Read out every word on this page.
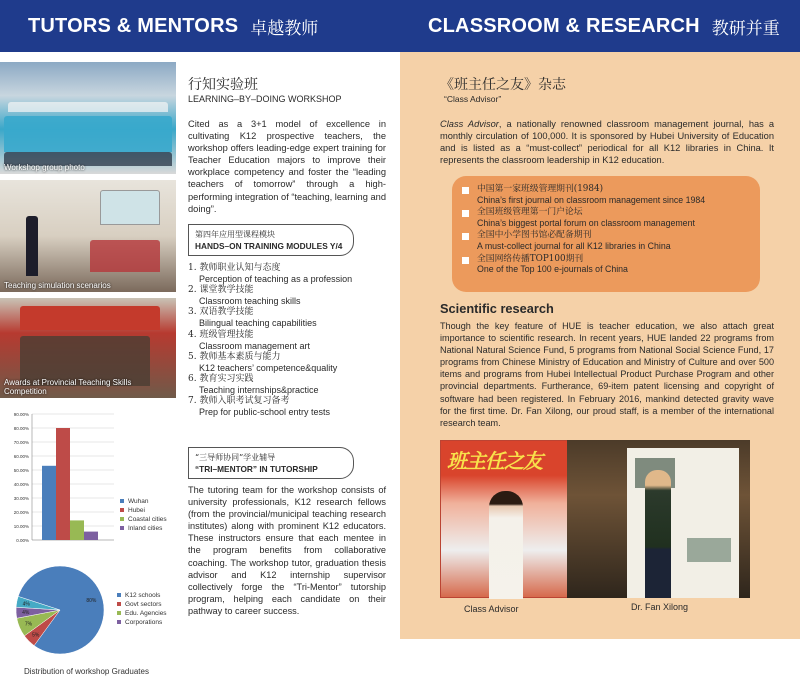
TUTORS & MENTORS 卓越教师	CLASSROOM & RESEARCH 教研并重
Workshop group photo
Teaching simulation scenarios
Awards at Provincial Teaching Skills Competition
0.00%
10.00%
20.00%
30.00%
40.00%
50.00%
60.00%
70.00%
80.00%
90.00%
Wuhan
Hubei
Coastal cities
Inland cities
80%
5%
7%
4%
4%
K12 schools
Govt sectors
Edu. Agencies
Corporations
Distribution of workshop Graduates
行知实验班
LEARNING–BY–DOING WORKSHOP
Cited as a 3+1 model of excellence in cultivating K12 prospective teachers, the workshop offers leading-edge expert training for Teacher Education majors to improve their workplace competency and foster the “leading teachers of tomorrow” through a high-performing integration of “teaching, learning and doing”.
第四年应用型课程模块
HANDS–ON TRAINING MODULES Y/4
1. 教师职业认知与态度
Perception of teaching as a profession
2. 课堂教学技能
Classroom teaching skills
3. 双语教学技能
Bilingual teaching capabilities
4. 班级管理技能
Classroom management art
5. 教师基本素质与能力
K12 teachers’ competence&quality
6. 教育实习实践
Teaching internships&practice
7. 教师入职考试复习备考
Prep for public-school entry tests
“三导师协同”学业辅导
“TRI–MENTOR” IN TUTORSHIP
The tutoring team for the workshop consists of university professionals, K12 research fellows (from the provincial/municipal teaching research institutes) along with prominent K12 educators. These instructors ensure that each mentee in the program benefits from collaborative coaching. The workshop tutor, graduation thesis advisor and K12 internship supervisor collectively forge the “Tri-Mentor” tutorship program, helping each candidate on their pathway to career success.
《班主任之友》杂志
“Class Advisor”
Class Advisor, a nationally renowned classroom management journal, has a monthly circulation of 100,000. It is sponsored by Hubei University of Education and is listed as a “must-collect” periodical for all K12 libraries in China. It represents the classroom leadership in K12 education.
中国第一家班级管理期刊(1984)
China’s first journal on classroom management since 1984
全国班级管理第一门户论坛
China’s biggest portal forum on classroom management
全国中小学图书馆必配备期刊
A must-collect journal for all K12 libraries in China
全国网络传播TOP100期刊
One of the Top 100 e-journals of China
Scientific research
Though the key feature of HUE is teacher education, we also attach great importance to scientific research. In recent years, HUE landed 22 programs from National Natural Science Fund, 5 programs from National Social Science Fund, 17 programs from Chinese Ministry of Education and Ministry of Culture and over 500 items and programs from Hubei Intellectual Product Purchase Program and other provincial departments. Furtherance, 69-item patent licensing and copyright of software had been registered. In February 2016, mankind detected gravity wave for the first time. Dr. Fan Xilong, our proud staff, is a member of the international research team.
班主任之友
Class Advisor	Dr. Fan Xilong
